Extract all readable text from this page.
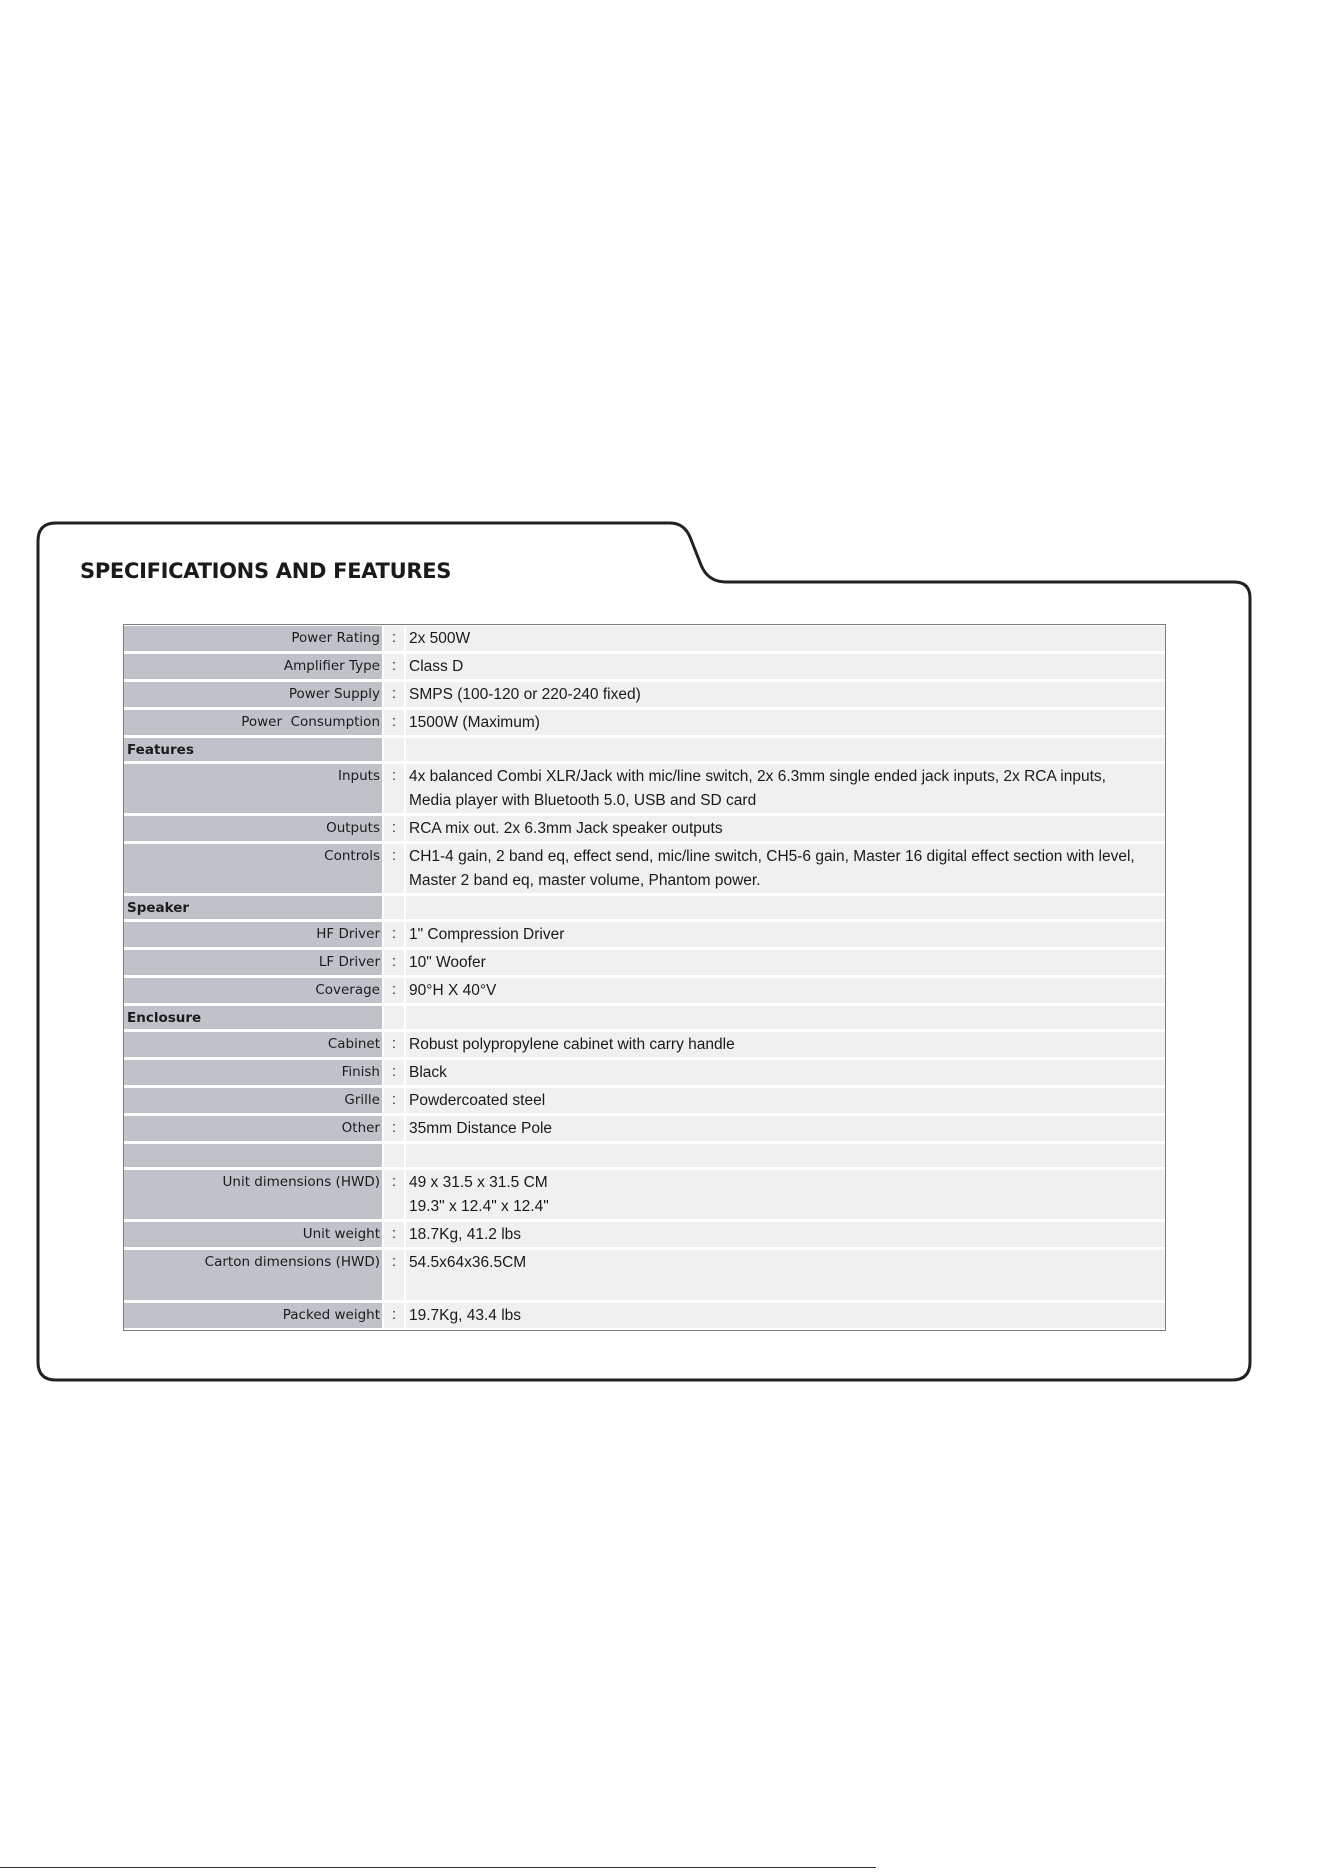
SPECIFICATIONS AND FEATURES
Power Rating : 2x 500W
Amplifier Type : Class D
Power Supply : SMPS (100-120 or 220-240 fixed)
Power  Consumption : 1500W (Maximum)
Features
Inputs : 4x balanced Combi XLR/Jack with mic/line switch, 2x 6.3mm single ended jack inputs, 2x RCA inputs,
Media player with Bluetooth 5.0, USB and SD card
Outputs : RCA mix out. 2x 6.3mm Jack speaker outputs
Controls : CH1-4 gain, 2 band eq, effect send, mic/line switch, CH5-6 gain, Master 16 digital effect section with level,
Master 2 band eq, master volume, Phantom power.
Speaker
HF Driver : 1" Compression Driver
LF Driver : 10" Woofer
Coverage : 90°H X 40°V
Enclosure
Cabinet : Robust polypropylene cabinet with carry handle
Finish : Black
Grille : Powdercoated steel
Other : 35mm Distance Pole
Unit dimensions (HWD) : 49 x 31.5 x 31.5 CM
19.3" x 12.4" x 12.4"
Unit weight : 18.7Kg, 41.2 lbs
Carton dimensions (HWD) : 54.5x64x36.5CM
Packed weight : 19.7Kg, 43.4 lbs
